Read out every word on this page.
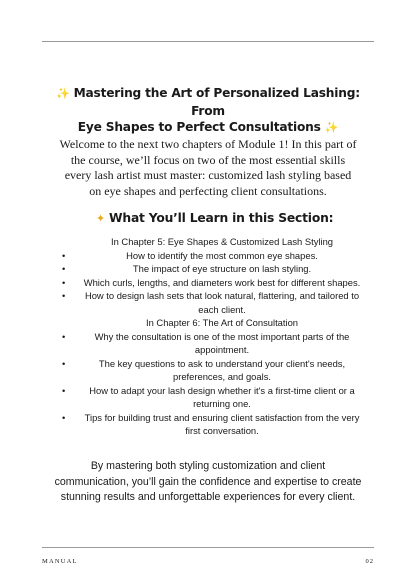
✨ Mastering the Art of Personalized Lashing: From
Eye Shapes to Perfect Consultations ✨
Welcome to the next two chapters of Module 1! In this part of the course, we’ll focus on two of the most essential skills every lash artist must master: customized lash styling based on eye shapes and perfecting client consultations.
✦ What You’ll Learn in this Section:
In Chapter 5: Eye Shapes & Customized Lash Styling
•	How to identify the most common eye shapes.
•	The impact of eye structure on lash styling.
• Which curls, lengths, and diameters work best for different shapes.
• How to design lash sets that look natural, flattering, and tailored to each client.
In Chapter 6: The Art of Consultation
•	Why the consultation is one of the most important parts of the appointment.
•	The key questions to ask to understand your client's needs, preferences, and goals.
•	How to adapt your lash design whether it's a first-time client or a returning one.
• Tips for building trust and ensuring client satisfaction from the very first conversation.
By mastering both styling customization and client communication, you’ll gain the confidence and expertise to create stunning results and unforgettable experiences for every client.
MANUAL	02
